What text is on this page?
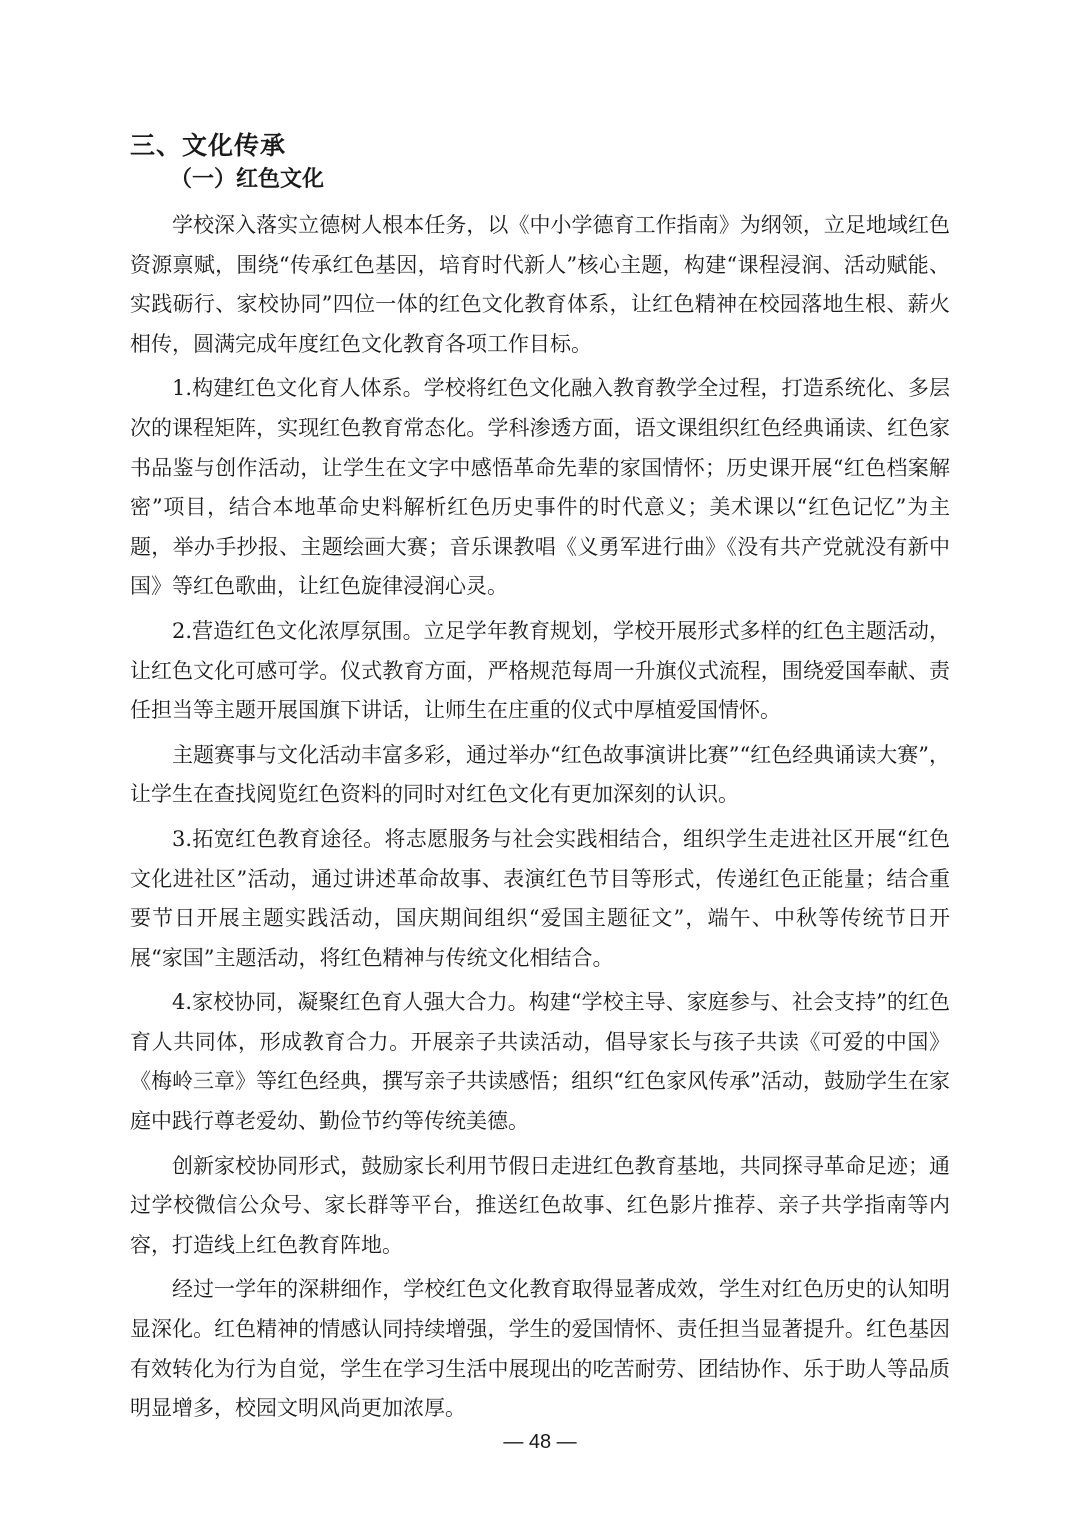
三、文化传承
（一）红色文化

学校深入落实立德树人根本任务，以《中小学德育工作指南》为纲领，立足地域红色资源禀赋，围绕“传承红色基因，培育时代新人”核心主题，构建“课程浸润、活动赋能、实践砺行、家校协同”四位一体的红色文化教育体系，让红色精神在校园落地生根、薪火相传，圆满完成年度红色文化教育各项工作目标。

1.构建红色文化育人体系。学校将红色文化融入教育教学全过程，打造系统化、多层次的课程矩阵，实现红色教育常态化。学科渗透方面，语文课组织红色经典诵读、红色家书品鉴与创作活动，让学生在文字中感悟革命先辈的家国情怀；历史课开展“红色档案解密”项目，结合本地革命史料解析红色历史事件的时代意义；美术课以“红色记忆”为主题，举办手抄报、主题绘画大赛；音乐课教唱《义勇军进行曲》《没有共产党就没有新中国》等红色歌曲，让红色旋律浸润心灵。

2.营造红色文化浓厚氛围。立足学年教育规划，学校开展形式多样的红色主题活动，让红色文化可感可学。仪式教育方面，严格规范每周一升旗仪式流程，围绕爱国奉献、责任担当等主题开展国旗下讲话，让师生在庄重的仪式中厚植爱国情怀。

主题赛事与文化活动丰富多彩，通过举办“红色故事演讲比赛”“红色经典诵读大赛”，让学生在查找阅览红色资料的同时对红色文化有更加深刻的认识。

3.拓宽红色教育途径。将志愿服务与社会实践相结合，组织学生走进社区开展“红色文化进社区”活动，通过讲述革命故事、表演红色节目等形式，传递红色正能量；结合重要节日开展主题实践活动，国庆期间组织“爱国主题征文”，端午、中秋等传统节日开展“家国”主题活动，将红色精神与传统文化相结合。

4.家校协同，凝聚红色育人强大合力。构建“学校主导、家庭参与、社会支持”的红色育人共同体，形成教育合力。开展亲子共读活动，倡导家长与孩子共读《可爱的中国》《梅岭三章》等红色经典，撰写亲子共读感悟；组织“红色家风传承”活动，鼓励学生在家庭中践行尊老爱幼、勤俭节约等传统美德。

创新家校协同形式，鼓励家长利用节假日走进红色教育基地，共同探寻革命足迹；通过学校微信公众号、家长群等平台，推送红色故事、红色影片推荐、亲子共学指南等内容，打造线上红色教育阵地。

经过一学年的深耕细作，学校红色文化教育取得显著成效，学生对红色历史的认知明显深化。红色精神的情感认同持续增强，学生的爱国情怀、责任担当显著提升。红色基因有效转化为行为自觉，学生在学习生活中展现出的吃苦耐劳、团结协作、乐于助人等品质明显增多，校园文明风尚更加浓厚。

— 48 —
